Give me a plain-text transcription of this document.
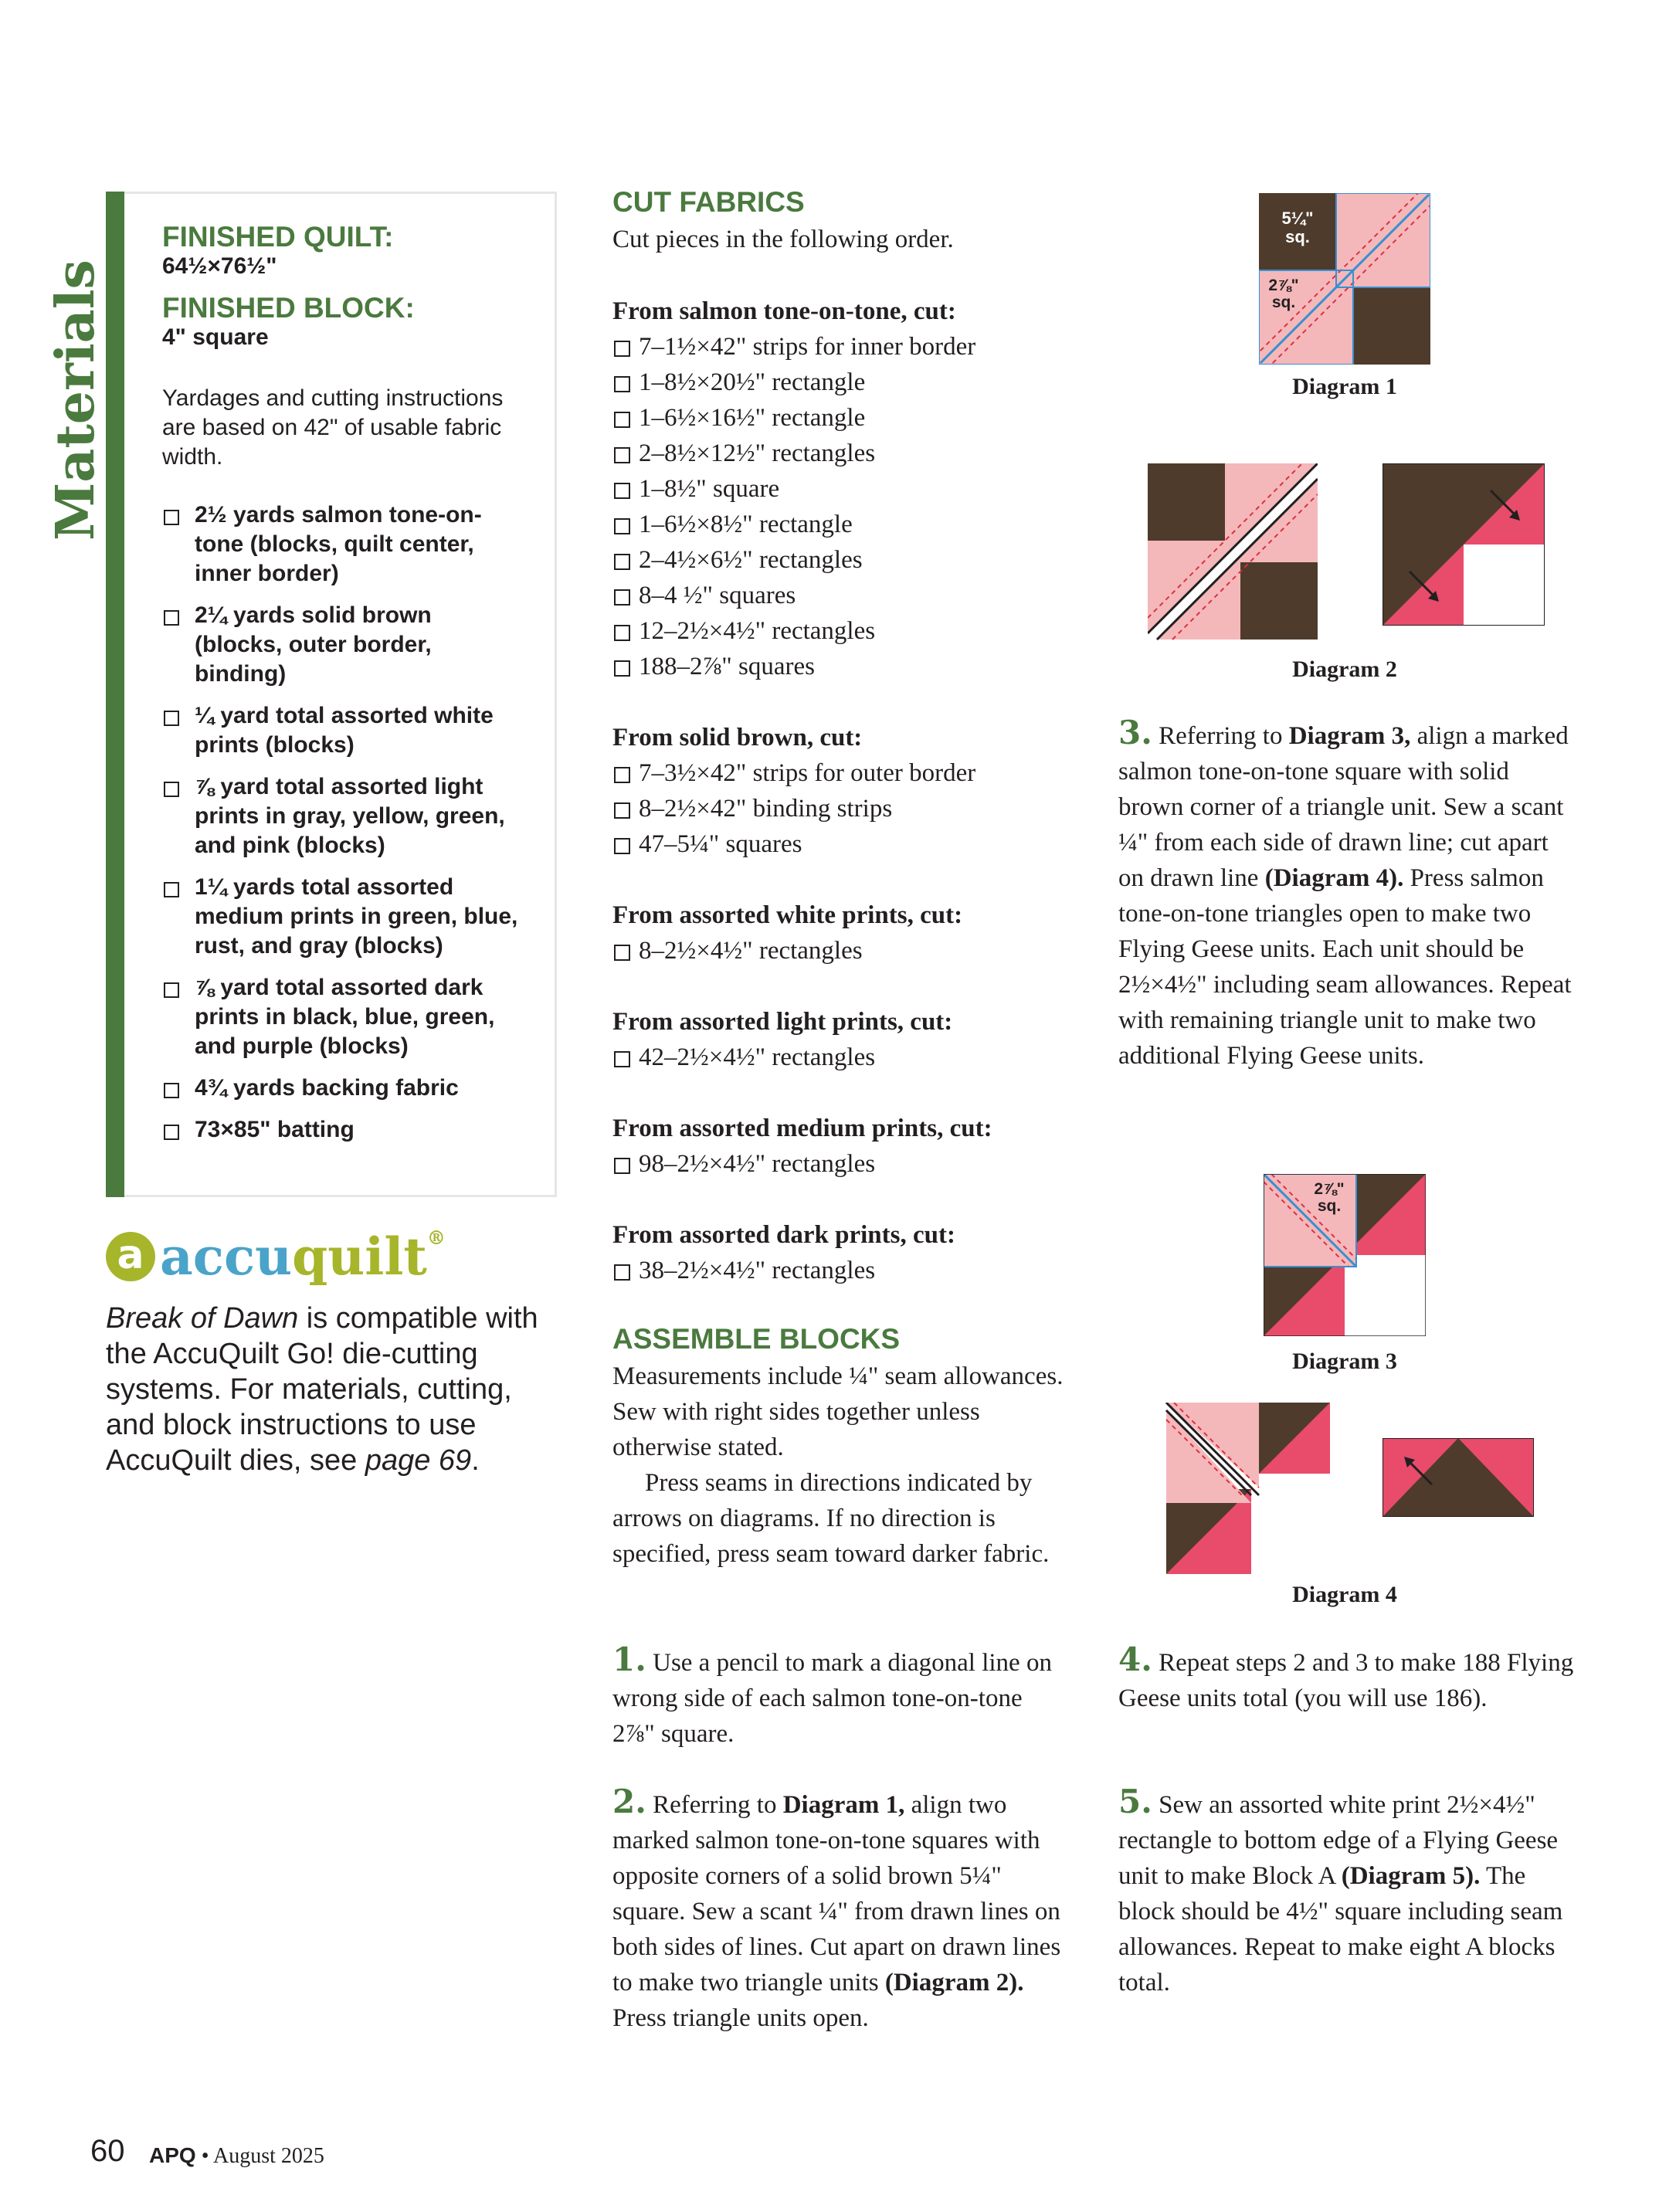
Materials
FINISHED QUILT:
64½×76½"
FINISHED BLOCK:
4" square
Yardages and cutting instructions are based on 42" of usable fabric width.
2½ yards salmon tone-on-tone (blocks, quilt center, inner border)
2¼ yards solid brown (blocks, outer border, binding)
¼ yard total assorted white prints (blocks)
⅞ yard total assorted light prints in gray, yellow, green, and pink (blocks)
1¼ yards total assorted medium prints in green, blue, rust, and gray (blocks)
⅞ yard total assorted dark prints in black, blue, green, and purple (blocks)
4¾ yards backing fabric
73×85" batting
a accuquilt®
Break of Dawn is compatible with the AccuQuilt Go! die-cutting systems. For materials, cutting, and block instructions to use AccuQuilt dies, see page 69.
CUT FABRICS
Cut pieces in the following order.
From salmon tone-on-tone, cut:
7–1½×42" strips for inner border
1–8½×20½" rectangle
1–6½×16½" rectangle
2–8½×12½" rectangles
1–8½" square
1–6½×8½" rectangle
2–4½×6½" rectangles
8–4 ½" squares
12–2½×4½" rectangles
188–2⅞" squares
From solid brown, cut:
7–3½×42" strips for outer border
8–2½×42" binding strips
47–5¼" squares
From assorted white prints, cut:
8–2½×4½" rectangles
From assorted light prints, cut:
42–2½×4½" rectangles
From assorted medium prints, cut:
98–2½×4½" rectangles
From assorted dark prints, cut:
38–2½×4½" rectangles
ASSEMBLE BLOCKS
Measurements include ¼" seam allowances. Sew with right sides together unless otherwise stated.
Press seams in directions indicated by arrows on diagrams. If no direction is specified, press seam toward darker fabric.
1. Use a pencil to mark a diagonal line on wrong side of each salmon tone-on-tone 2⅞" square.
2. Referring to Diagram 1, align two marked salmon tone-on-tone squares with opposite corners of a solid brown 5¼" square. Sew a scant ¼" from drawn lines on both sides of lines. Cut apart on drawn lines to make two triangle units (Diagram 2). Press triangle units open.
5¼"
sq.
2⅞"
sq.
Diagram 1
Diagram 2
3. Referring to Diagram 3, align a marked salmon tone-on-tone square with solid brown corner of a triangle unit. Sew a scant ¼" from each side of drawn line; cut apart on drawn line (Diagram 4). Press salmon tone-on-tone triangles open to make two Flying Geese units. Each unit should be 2½×4½" including seam allowances. Repeat with remaining triangle unit to make two additional Flying Geese units.
2⅞"
sq.
Diagram 3
Diagram 4
4. Repeat steps 2 and 3 to make 188 Flying Geese units total (you will use 186).
5. Sew an assorted white print 2½×4½" rectangle to bottom edge of a Flying Geese unit to make Block A (Diagram 5). The block should be 4½" square including seam allowances. Repeat to make eight A blocks total.
60 APQ • August 2025
